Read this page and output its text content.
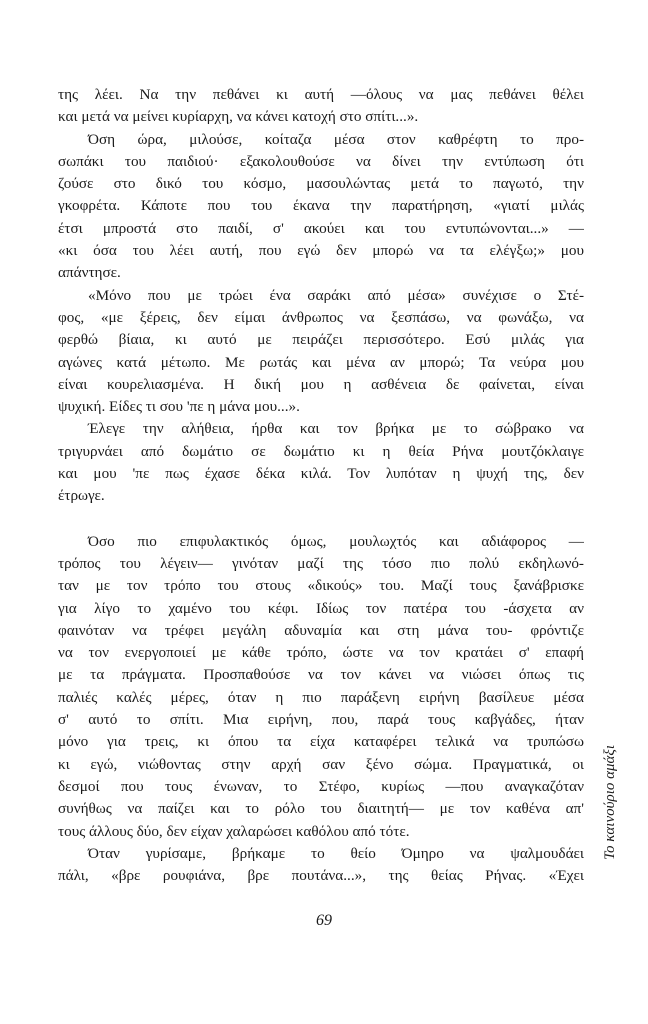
της λέει. Να την πεθάνει κι αυτή —όλους να μας πεθάνει θέλει
και μετά να μείνει κυρίαρχη, να κάνει κατοχή στο σπίτι...».
Όση ώρα, μιλούσε, κοίταζα μέσα στον καθρέφτη το προ-
σωπάκι του παιδιού· εξακολουθούσε να δίνει την εντύπωση ότι
ζούσε στο δικό του κόσμο, μασουλώντας μετά το παγωτό, την
γκοφρέτα. Κάποτε που του έκανα την παρατήρηση, «γιατί μιλάς
έτσι μπροστά στο παιδί, σ' ακούει και του εντυπώνονται...» —
«κι όσα του λέει αυτή, που εγώ δεν μπορώ να τα ελέγξω;» μου
απάντησε.
«Μόνο που με τρώει ένα σαράκι από μέσα» συνέχισε ο Στέ-
φος, «με ξέρεις, δεν είμαι άνθρωπος να ξεσπάσω, να φωνάξω, να
φερθώ βίαια, κι αυτό με πειράζει περισσότερο. Εσύ μιλάς για
αγώνες κατά μέτωπο. Με ρωτάς και μένα αν μπορώ; Τα νεύρα μου
είναι κουρελιασμένα. Η δική μου η ασθένεια δε φαίνεται, είναι
ψυχική. Είδες τι σου 'πε η μάνα μου...».
Έλεγε την αλήθεια, ήρθα και τον βρήκα με το σώβρακο να
τριγυρνάει από δωμάτιο σε δωμάτιο κι η θεία Ρήνα μουτζόκλαιγε
και μου 'πε πως έχασε δέκα κιλά. Τον λυπόταν η ψυχή της, δεν
έτρωγε.
Όσο πιο επιφυλακτικός όμως, μουλωχτός και αδιάφορος —
τρόπος του λέγειν— γινόταν μαζί της τόσο πιο πολύ εκδηλωνό-
ταν με τον τρόπο του στους «δικούς» του. Μαζί τους ξανάβρισκε
για λίγο το χαμένο του κέφι. Ιδίως τον πατέρα του -άσχετα αν
φαινόταν να τρέφει μεγάλη αδυναμία και στη μάνα του- φρόντιζε
να τον ενεργοποιεί με κάθε τρόπο, ώστε να τον κρατάει σ' επαφή
με τα πράγματα. Προσπαθούσε να τον κάνει να νιώσει όπως τις
παλιές καλές μέρες, όταν η πιο παράξενη ειρήνη βασίλευε μέσα
σ' αυτό το σπίτι. Μια ειρήνη, που, παρά τους καβγάδες, ήταν
μόνο για τρεις, κι όπου τα είχα καταφέρει τελικά να τρυπώσω
κι εγώ, νιώθοντας στην αρχή σαν ξένο σώμα. Πραγματικά, οι
δεσμοί που τους ένωναν, το Στέφο, κυρίως —που αναγκαζόταν
συνήθως να παίζει και το ρόλο του διαιτητή— με τον καθένα απ'
τους άλλους δύο, δεν είχαν χαλαρώσει καθόλου από τότε.
Όταν γυρίσαμε, βρήκαμε το θείο Όμηρο να ψαλμουδάει
πάλι, «βρε ρουφιάνα, βρε πουτάνα...», της θείας Ρήνας. «Έχει
69
Το καινούριο αμάξι
